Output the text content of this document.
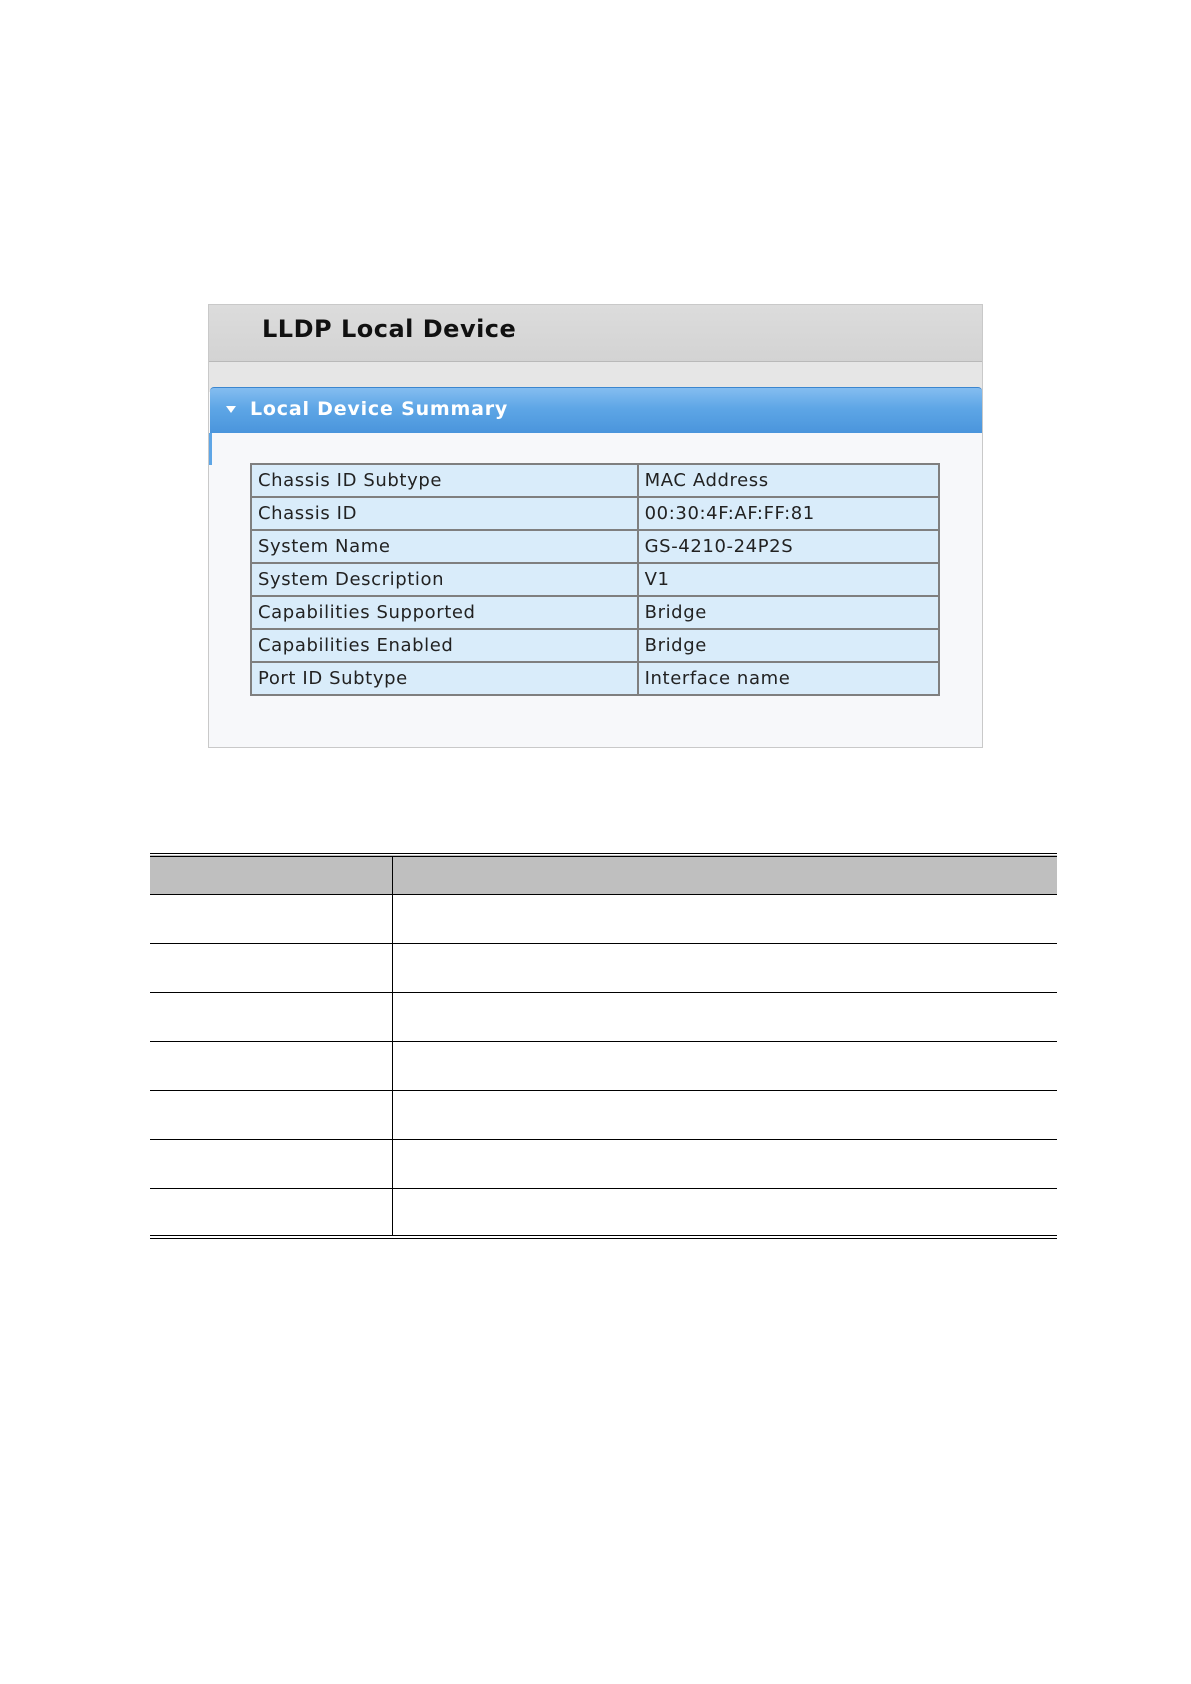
LLDP Local Device
Local Device Summary
Chassis ID Subtype	MAC Address
Chassis ID	00:30:4F:AF:FF:81
System Name	GS-4210-24P2S
System Description	V1
Capabilities Supported	Bridge
Capabilities Enabled	Bridge
Port ID Subtype	Interface name
